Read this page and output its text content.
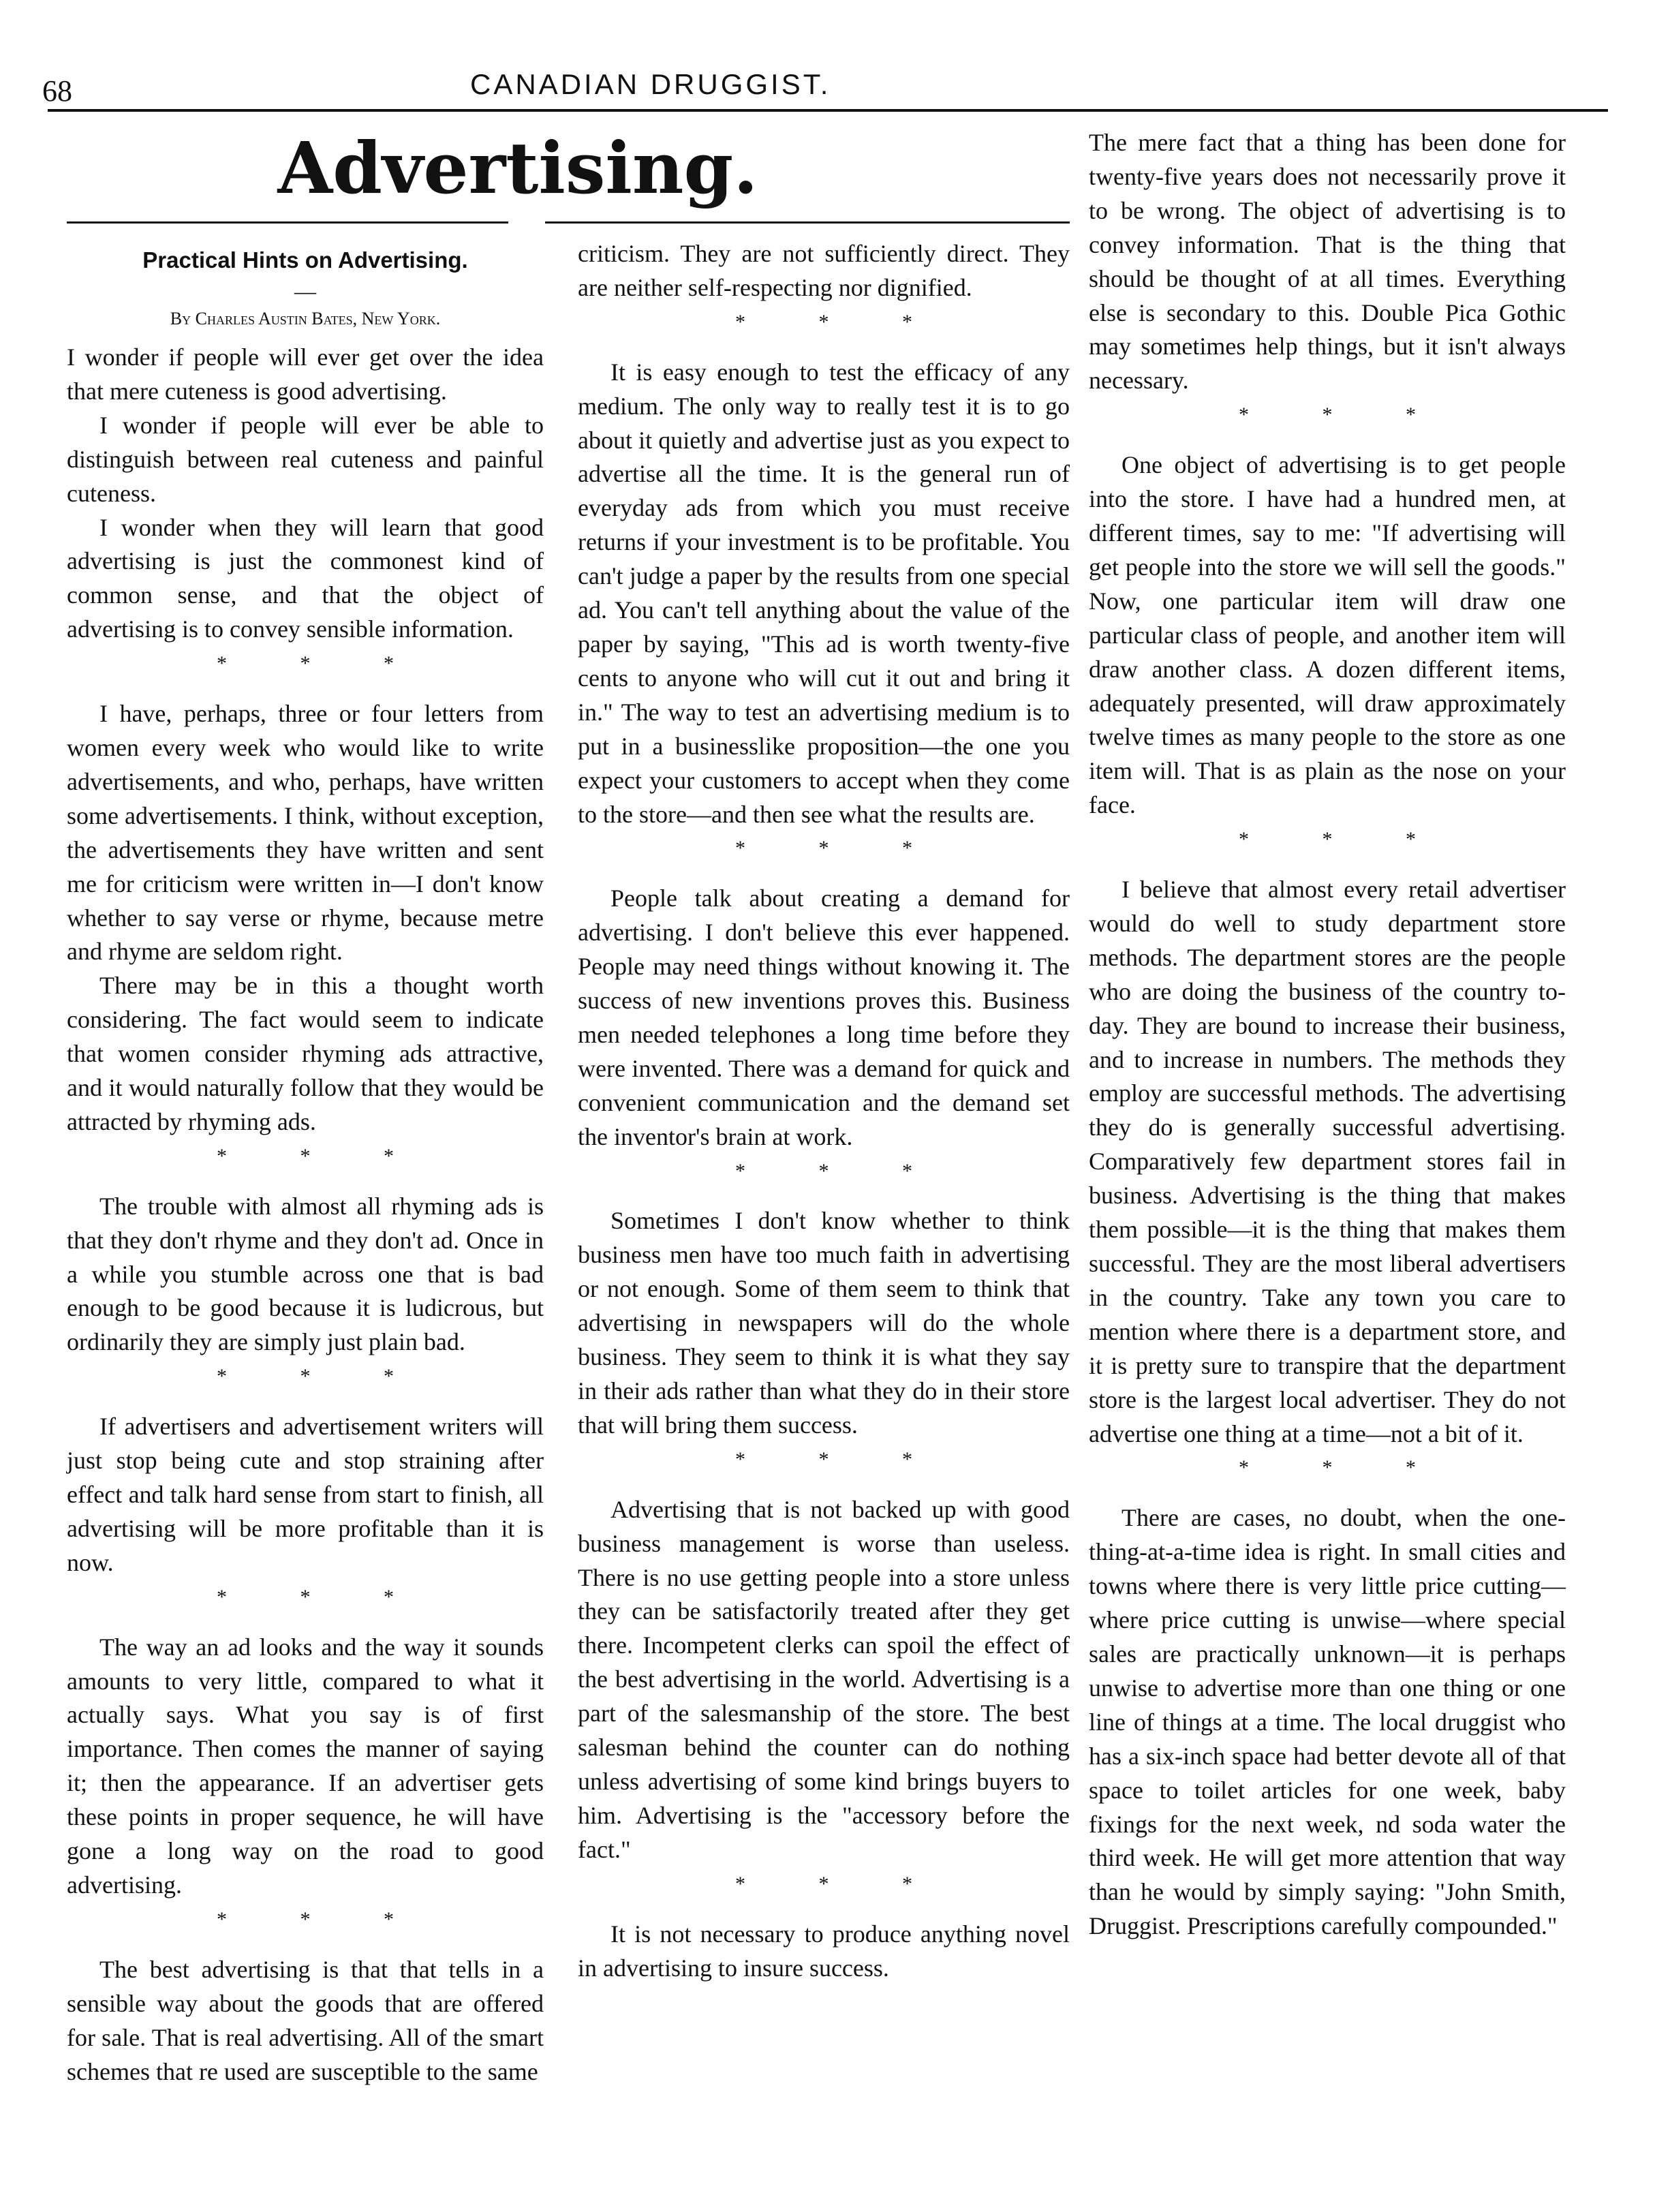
68	CANADIAN DRUGGIST.
Advertising.
Practical Hints on Advertising.
—
By Charles Austin Bates, New York.

I wonder if people will ever get over the idea that mere cuteness is good advertising.

I wonder if people will ever be able to distinguish between real cuteness and painful cuteness.

I wonder when they will learn that good advertising is just the commonest kind of common sense, and that the object of advertising is to convey sensible information.

* * *

I have, perhaps, three or four letters from women every week who would like to write advertisements, and who, perhaps, have written some advertisements. I think, without exception, the advertisements they have written and sent me for criticism were written in—I don't know whether to say verse or rhyme, because metre and rhyme are seldom right.

There may be in this a thought worth considering. The fact would seem to indicate that women consider rhyming ads attractive, and it would naturally follow that they would be attracted by rhyming ads.

* * *

The trouble with almost all rhyming ads is that they don't rhyme and they don't ad. Once in a while you stumble across one that is bad enough to be good because it is ludicrous, but ordinarily they are simply just plain bad.

* * *

If advertisers and advertisement writers will just stop being cute and stop straining after effect and talk hard sense from start to finish, all advertising will be more profitable than it is now.

* * *

The way an ad looks and the way it sounds amounts to very little, compared to what it actually says. What you say is of first importance. Then comes the manner of saying it; then the appearance. If an advertiser gets these points in proper sequence, he will have gone a long way on the road to good advertising.

* * *

The best advertising is that that tells in a sensible way about the goods that are offered for sale. That is real advertising. All of the smart schemes that re used are susceptible to the same

criticism. They are not sufficiently direct. They are neither self-respecting nor dignified.

* * *

It is easy enough to test the efficacy of any medium. The only way to really test it is to go about it quietly and advertise just as you expect to advertise all the time. It is the general run of everyday ads from which you must receive returns if your investment is to be profitable. You can't judge a paper by the results from one special ad. You can't tell anything about the value of the paper by saying, "This ad is worth twenty-five cents to anyone who will cut it out and bring it in." The way to test an advertising medium is to put in a businesslike proposition—the one you expect your customers to accept when they come to the store—and then see what the results are.

* * *

People talk about creating a demand for advertising. I don't believe this ever happened. People may need things without knowing it. The success of new inventions proves this. Business men needed telephones a long time before they were invented. There was a demand for quick and convenient communication and the demand set the inventor's brain at work.

* * *

Sometimes I don't know whether to think business men have too much faith in advertising or not enough. Some of them seem to think that advertising in newspapers will do the whole business. They seem to think it is what they say in their ads rather than what they do in their store that will bring them success.

* * *

Advertising that is not backed up with good business management is worse than useless. There is no use getting people into a store unless they can be satisfactorily treated after they get there. Incompetent clerks can spoil the effect of the best advertising in the world. Advertising is a part of the salesmanship of the store. The best salesman behind the counter can do nothing unless advertising of some kind brings buyers to him. Advertising is the "accessory before the fact."

* * *

It is not necessary to produce anything novel in advertising to insure success.

The mere fact that a thing has been done for twenty-five years does not necessarily prove it to be wrong. The object of advertising is to convey information. That is the thing that should be thought of at all times. Everything else is secondary to this. Double Pica Gothic may sometimes help things, but it isn't always necessary.

* * *

One object of advertising is to get people into the store. I have had a hundred men, at different times, say to me: "If advertising will get people into the store we will sell the goods." Now, one particular item will draw one particular class of people, and another item will draw another class. A dozen different items, adequately presented, will draw approximately twelve times as many people to the store as one item will. That is as plain as the nose on your face.

* * *

I believe that almost every retail advertiser would do well to study department store methods. The department stores are the people who are doing the business of the country to-day. They are bound to increase their business, and to increase in numbers. The methods they employ are successful methods. The advertising they do is generally successful advertising. Comparatively few department stores fail in business. Advertising is the thing that makes them possible—it is the thing that makes them successful. They are the most liberal advertisers in the country. Take any town you care to mention where there is a department store, and it is pretty sure to transpire that the department store is the largest local advertiser. They do not advertise one thing at a time—not a bit of it.

* * *

There are cases, no doubt, when the one-thing-at-a-time idea is right. In small cities and towns where there is very little price cutting—where price cutting is unwise—where special sales are practically unknown—it is perhaps unwise to advertise more than one thing or one line of things at a time. The local druggist who has a six-inch space had better devote all of that space to toilet articles for one week, baby fixings for the next week, nd soda water the third week. He will get more attention that way than he would by simply saying: "John Smith, Druggist. Prescriptions carefully compounded."
